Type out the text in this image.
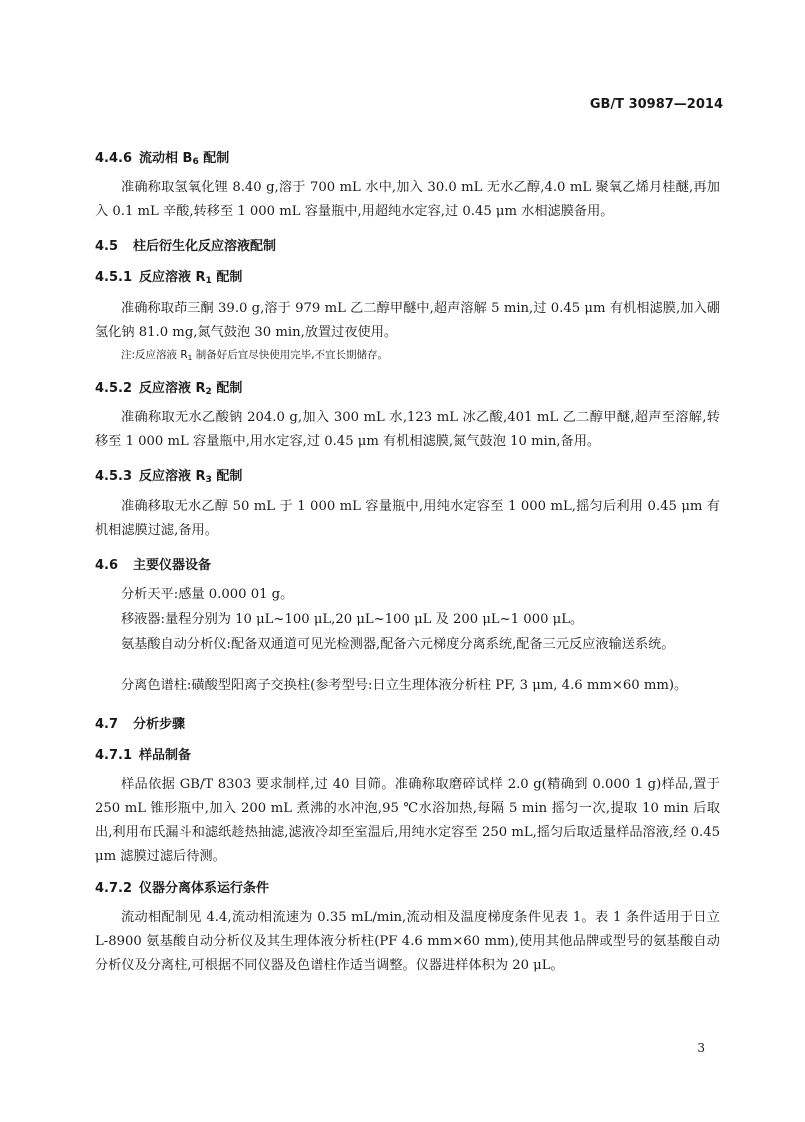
GB/T 30987—2014
4.4.6 流动相 $B_6$ 配制
准确称取氢氧化锂 8.40 g,溶于 700 mL 水中,加入 30.0 mL 无水乙醇,4.0 mL 聚氧乙烯月桂醚,再加入 0.1 mL 辛酸,转移至 1 000 mL 容量瓶中,用超纯水定容,过 0.45 μm 水相滤膜备用。
4.5 柱后衍生化反应溶液配制
4.5.1 反应溶液 $R_1$ 配制
准确称取茚三酮 39.0 g,溶于 979 mL 乙二醇甲醚中,超声溶解 5 min,过 0.45 μm 有机相滤膜,加入硼氢化钠 81.0 mg,氮气鼓泡 30 min,放置过夜使用。
注:反应溶液 $R_1$ 制备好后宜尽快使用完毕,不宜长期储存。
4.5.2 反应溶液 $R_2$ 配制
准确称取无水乙酸钠 204.0 g,加入 300 mL 水,123 mL 冰乙酸,401 mL 乙二醇甲醚,超声至溶解,转移至 1 000 mL 容量瓶中,用水定容,过 0.45 μm 有机相滤膜,氮气鼓泡 10 min,备用。
4.5.3 反应溶液 $R_3$ 配制
准确移取无水乙醇 50 mL 于 1 000 mL 容量瓶中,用纯水定容至 1 000 mL,摇匀后利用 0.45 μm 有机相滤膜过滤,备用。
4.6 主要仪器设备
分析天平:感量 0.000 01 g。
移液器:量程分别为 10 μL~100 μL,20 μL~100 μL 及 200 μL~1 000 μL。
氨基酸自动分析仪:配备双通道可见光检测器,配备六元梯度分离系统,配备三元反应液输送系统。
分离色谱柱:磺酸型阳离子交换柱(参考型号:日立生理体液分析柱 PF, 3 μm, 4.6 mm×60 mm)。
4.7 分析步骤
4.7.1 样品制备
样品依据 GB/T 8303 要求制样,过 40 目筛。准确称取磨碎试样 2.0 g(精确到 0.000 1 g)样品,置于 250 mL 锥形瓶中,加入 200 mL 煮沸的水冲泡,95 ℃水浴加热,每隔 5 min 摇匀一次,提取 10 min 后取出,利用布氏漏斗和滤纸趁热抽滤,滤液冷却至室温后,用纯水定容至 250 mL,摇匀后取适量样品溶液,经 0.45 μm 滤膜过滤后待测。
4.7.2 仪器分离体系运行条件
流动相配制见 4.4,流动相流速为 0.35 mL/min,流动相及温度梯度条件见表 1。表 1 条件适用于日立 L-8900 氨基酸自动分析仪及其生理体液分析柱(PF 4.6 mm×60 mm),使用其他品牌或型号的氨基酸自动分析仪及分离柱,可根据不同仪器及色谱柱作适当调整。仪器进样体积为 20 μL。
3
